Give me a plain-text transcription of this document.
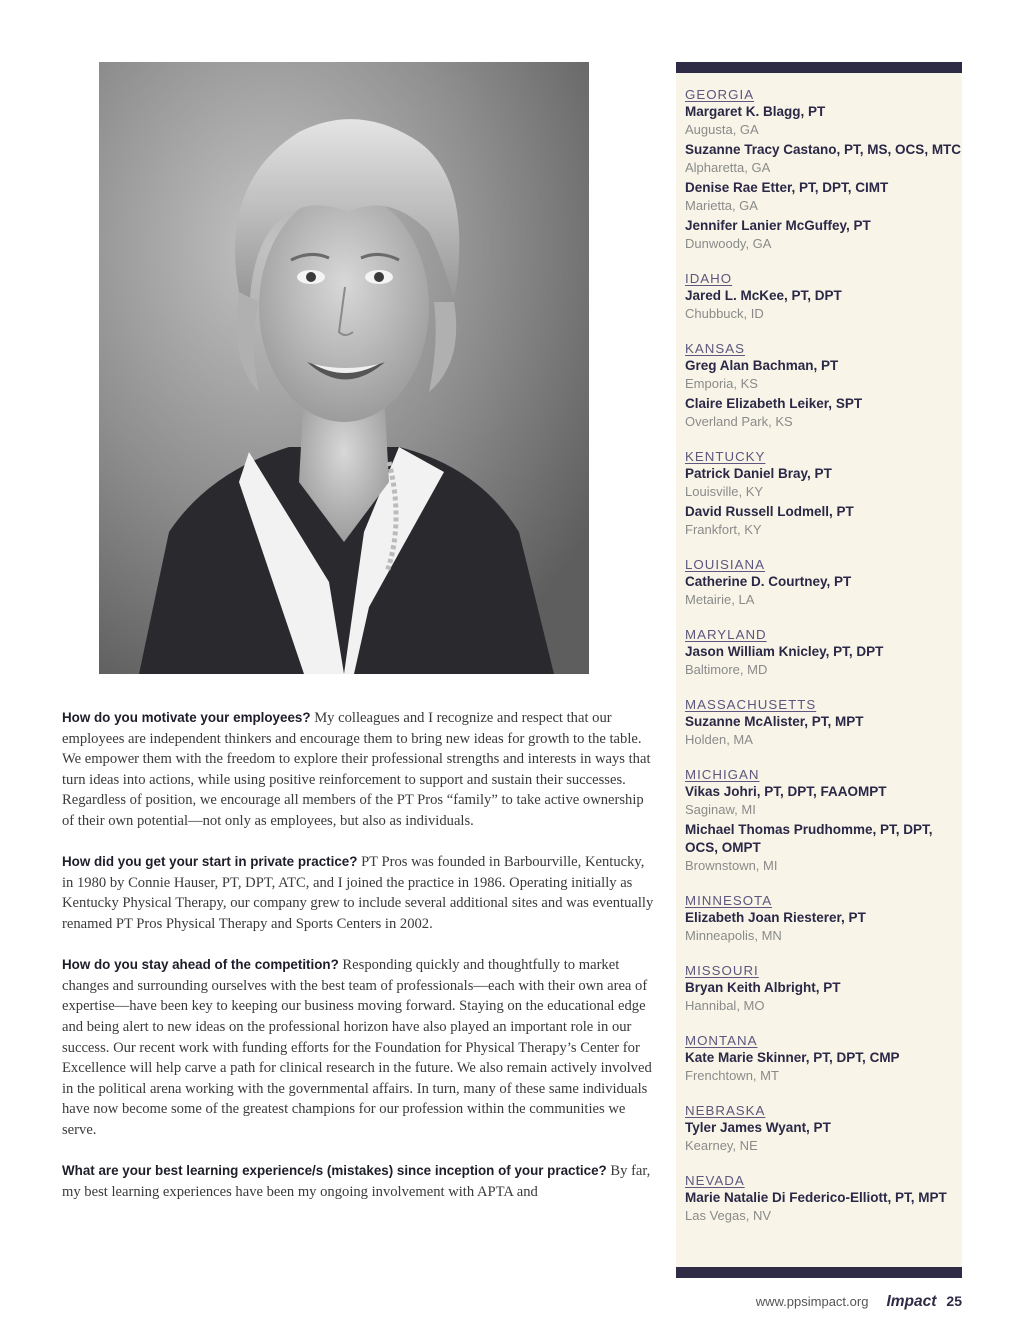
How do you motivate your employees? My colleagues and I recognize and respect that our employees are independent thinkers and encourage them to bring new ideas for growth to the table. We empower them with the freedom to explore their professional strengths and interests in ways that turn ideas into actions, while using positive reinforcement to support and sustain their successes. Regardless of position, we encourage all members of the PT Pros “family” to take active ownership of their own potential—not only as employees, but also as individuals.

How did you get your start in private practice? PT Pros was founded in Barbourville, Kentucky, in 1980 by Connie Hauser, PT, DPT, ATC, and I joined the practice in 1986. Operating initially as Kentucky Physical Therapy, our company grew to include several additional sites and was eventually renamed PT Pros Physical Therapy and Sports Centers in 2002.

How do you stay ahead of the competition? Responding quickly and thoughtfully to market changes and surrounding ourselves with the best team of professionals—each with their own area of expertise—have been key to keeping our business moving forward. Staying on the educational edge and being alert to new ideas on the professional horizon have also played an important role in our success. Our recent work with funding efforts for the Foundation for Physical Therapy’s Center for Excellence will help carve a path for clinical research in the future. We also remain actively involved in the political arena working with the governmental affairs. In turn, many of these same individuals have now become some of the greatest champions for our profession within the communities we serve.

What are your best learning experience/s (mistakes) since inception of your practice? By far, my best learning experiences have been my ongoing involvement with APTA and

GEORGIA
Margaret K. Blagg, PT
Augusta, GA
Suzanne Tracy Castano, PT, MS, OCS, MTC
Alpharetta, GA
Denise Rae Etter, PT, DPT, CIMT
Marietta, GA
Jennifer Lanier McGuffey, PT
Dunwoody, GA
IDAHO
Jared L. McKee, PT, DPT
Chubbuck, ID
KANSAS
Greg Alan Bachman, PT
Emporia, KS
Claire Elizabeth Leiker, SPT
Overland Park, KS
KENTUCKY
Patrick Daniel Bray, PT
Louisville, KY
David Russell Lodmell, PT
Frankfort, KY
LOUISIANA
Catherine D. Courtney, PT
Metairie, LA
MARYLAND
Jason William Knicley, PT, DPT
Baltimore, MD
MASSACHUSETTS
Suzanne McAlister, PT, MPT
Holden, MA
MICHIGAN
Vikas Johri, PT, DPT, FAAOMPT
Saginaw, MI
Michael Thomas Prudhomme, PT, DPT, OCS, OMPT
Brownstown, MI
MINNESOTA
Elizabeth Joan Riesterer, PT
Minneapolis, MN
MISSOURI
Bryan Keith Albright, PT
Hannibal, MO
MONTANA
Kate Marie Skinner, PT, DPT, CMP
Frenchtown, MT
NEBRASKA
Tyler James Wyant, PT
Kearney, NE
NEVADA
Marie Natalie Di Federico-Elliott, PT, MPT
Las Vegas, NV
www.ppsimpact.org Impact 25
